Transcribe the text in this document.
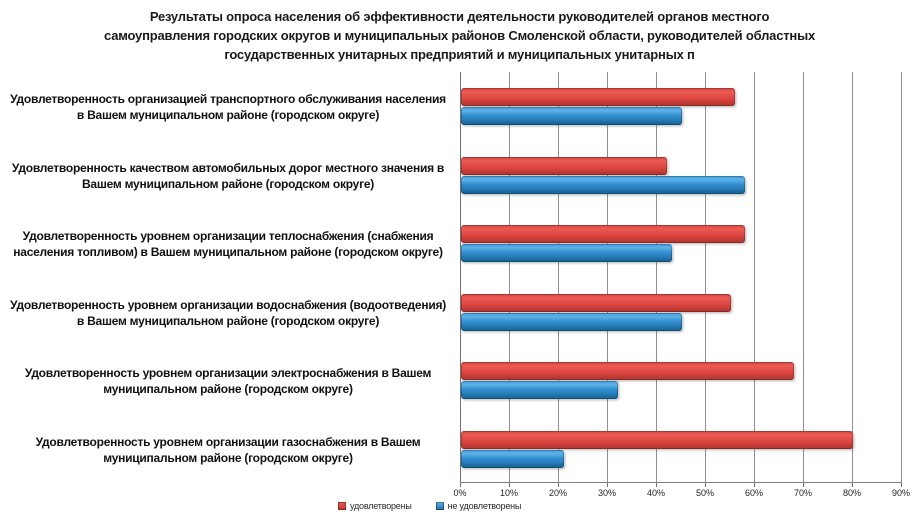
Результаты опроса населения об эффективности деятельности руководителей органов местного
самоуправления городских округов и муниципальных районов Смоленской области, руководителей областных
государственных унитарных предприятий и муниципальных унитарных п
Удовлетворенность организацией транспортного обслуживания населения в Вашем муниципальном районе (городском округе)
Удовлетворенность качеством автомобильных дорог местного значения в Вашем муниципальном районе (городском округе)
Удовлетворенность уровнем организации теплоснабжения (снабжения населения топливом) в Вашем муниципальном районе (городском округе)
Удовлетворенность уровнем организации водоснабжения (водоотведения) в Вашем муниципальном районе (городском округе)
Удовлетворенность уровнем организации электроснабжения в Вашем муниципальном районе (городском округе)
Удовлетворенность уровнем организации газоснабжения в Вашем муниципальном районе (городском округе)
0%	10%	20%	30%	40%	50%	60%	70%	80%	90%
удовлетворены	не удовлетворены
